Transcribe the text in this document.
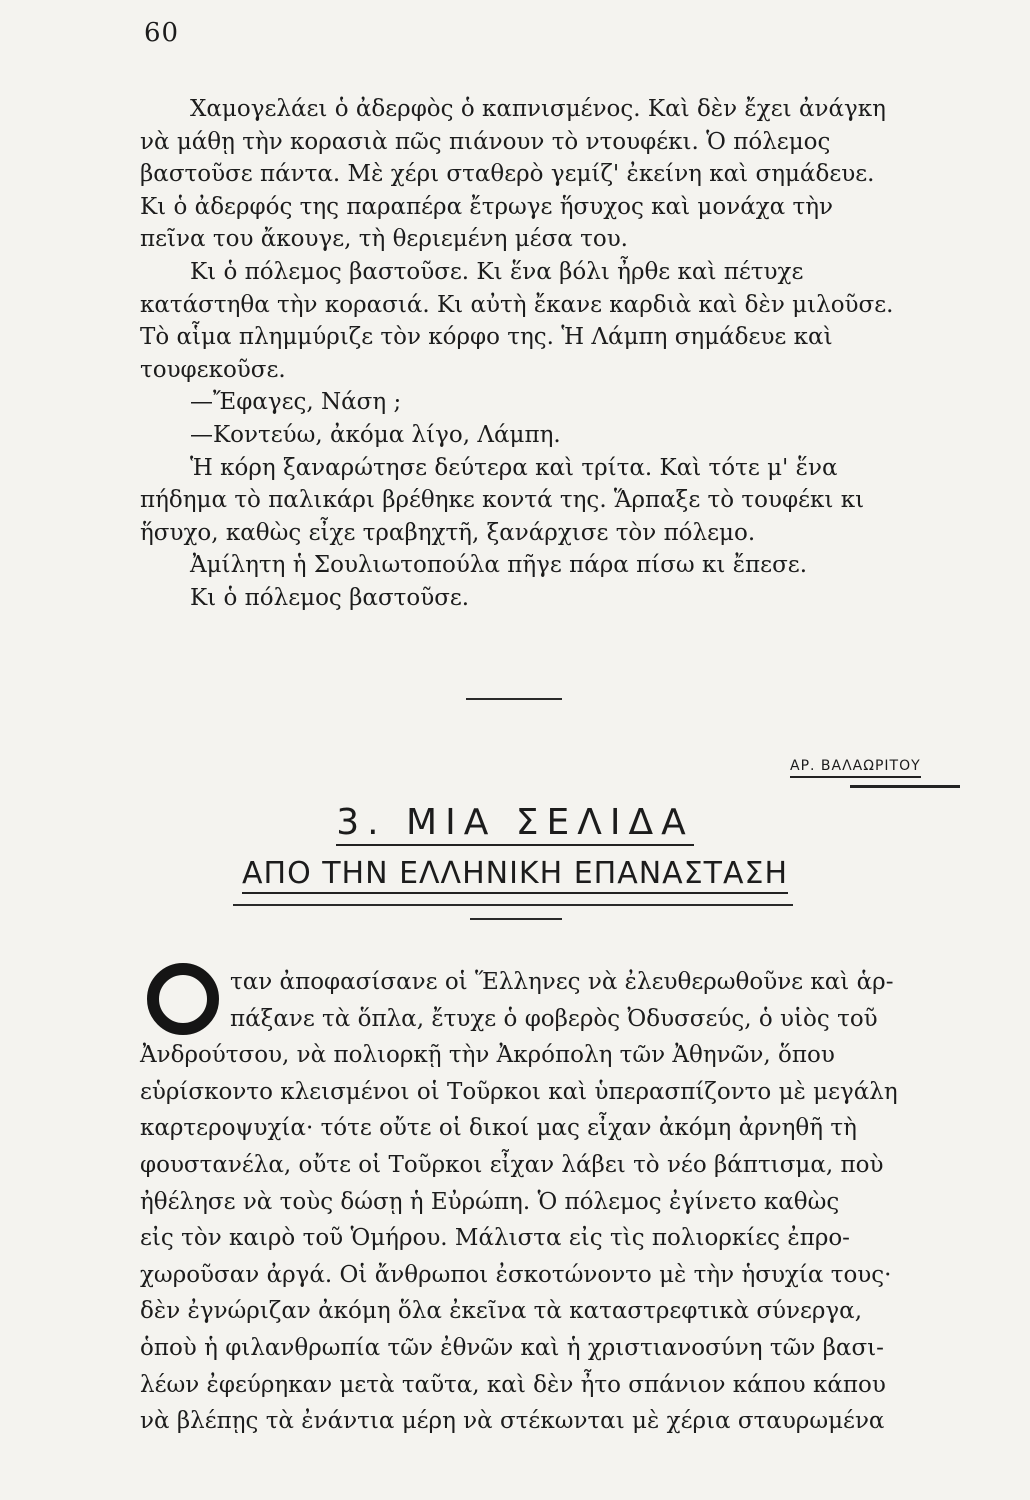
60
Χαμογελάει ὁ ἀδερφὸς ὁ καπνισμένος. Καὶ δὲν ἔχει ἀνάγκη
νὰ μάθῃ τὴν κορασιὰ πῶς πιάνουν τὸ ντουφέκι. Ὁ πόλεμος
βαστοῦσε πάντα. Μὲ χέρι σταθερὸ γεμίζ' ἐκείνη καὶ σημάδευε.
Κι ὁ ἀδερφός της παραπέρα ἔτρωγε ἥσυχος καὶ μονάχα τὴν
πεῖνα του ἄκουγε, τὴ θεριεμένη μέσα του.
Κι ὁ πόλεμος βαστοῦσε. Κι ἕνα βόλι ἦρθε καὶ πέτυχε
κατάστηθα τὴν κορασιά. Κι αὐτὴ ἔκανε καρδιὰ καὶ δὲν μιλοῦσε.
Τὸ αἷμα πλημμύριζε τὸν κόρφο της. Ἡ Λάμπη σημάδευε καὶ
τουφεκοῦσε.
—Ἔφαγες, Νάση ;
—Κοντεύω, ἀκόμα λίγο, Λάμπη.
Ἡ κόρη ξαναρώτησε δεύτερα καὶ τρίτα. Καὶ τότε μ' ἕνα
πήδημα τὸ παλικάρι βρέθηκε κοντά της. Ἅρπαξε τὸ τουφέκι κι
ἥσυχο, καθὼς εἶχε τραβηχτῆ, ξανάρχισε τὸν πόλεμο.
Ἀμίλητη ἡ Σουλιωτοπούλα πῆγε πάρα πίσω κι ἔπεσε.
Κι ὁ πόλεμος βαστοῦσε.
ΑΡ. ΒΑΛΑΩΡΙΤΟΥ
3. ΜΙΑ ΣΕΛΙΔΑ
ΑΠΟ ΤΗΝ ΕΛΛΗΝΙΚΗ ΕΠΑΝΑΣΤΑΣΗ
Ο
ταν ἀποφασίσανε οἱ Ἕλληνες νὰ ἐλευθερωθοῦνε καὶ ἁρ-
πάξανε τὰ ὅπλα, ἔτυχε ὁ φοβερὸς Ὀδυσσεύς, ὁ υἱὸς τοῦ
Ἀνδρούτσου, νὰ πολιορκῇ τὴν Ἀκρόπολη τῶν Ἀθηνῶν, ὅπου
εὑρίσκοντο κλεισμένοι οἱ Τοῦρκοι καὶ ὑπερασπίζοντο μὲ μεγάλη
καρτεροψυχία· τότε οὔτε οἱ δικοί μας εἶχαν ἀκόμη ἀρνηθῆ τὴ
φουστανέλα, οὔτε οἱ Τοῦρκοι εἶχαν λάβει τὸ νέο βάπτισμα, ποὺ
ἠθέλησε νὰ τοὺς δώσῃ ἡ Εὐρώπη. Ὁ πόλεμος ἐγίνετο καθὼς
εἰς τὸν καιρὸ τοῦ Ὁμήρου. Μάλιστα εἰς τὶς πολιορκίες ἐπρο-
χωροῦσαν ἀργά. Οἱ ἄνθρωποι ἐσκοτώνοντο μὲ τὴν ἡσυχία τους·
δὲν ἐγνώριζαν ἀκόμη ὅλα ἐκεῖνα τὰ καταστρεφτικὰ σύνεργα,
ὁποὺ ἡ φιλανθρωπία τῶν ἐθνῶν καὶ ἡ χριστιανοσύνη τῶν βασι-
λέων ἐφεύρηκαν μετὰ ταῦτα, καὶ δὲν ἦτο σπάνιον κάπου κάπου
νὰ βλέπῃς τὰ ἐνάντια μέρη νὰ στέκωνται μὲ χέρια σταυρωμένα
